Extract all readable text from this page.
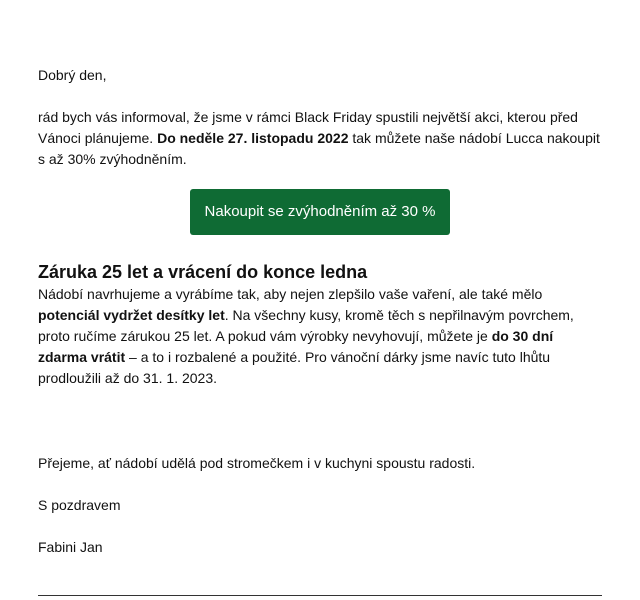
Dobrý den,

rád bych vás informoval, že jsme v rámci Black Friday spustili největší akci, kterou před Vánoci plánujeme. Do neděle 27. listopadu 2022 tak můžete naše nádobí Lucca nakoupit s až 30% zvýhodněním.

Nakoupit se zvýhodněním až 30 %
Záruka 25 let a vrácení do konce ledna

Nádobí navrhujeme a vyrábíme tak, aby nejen zlepšilo vaše vaření, ale také mělo potenciál vydržet desítky let. Na všechny kusy, kromě těch s nepřilnavým povrchem, proto ručíme zárukou 25 let. A pokud vám výrobky nevyhovují, můžete je do 30 dní zdarma vrátit – a to i rozbalené a použité. Pro vánoční dárky jsme navíc tuto lhůtu prodloužili až do 31. 1. 2023.

Přejeme, ať nádobí udělá pod stromečkem i v kuchyni spoustu radosti.

S pozdravem

Fabini Jan
